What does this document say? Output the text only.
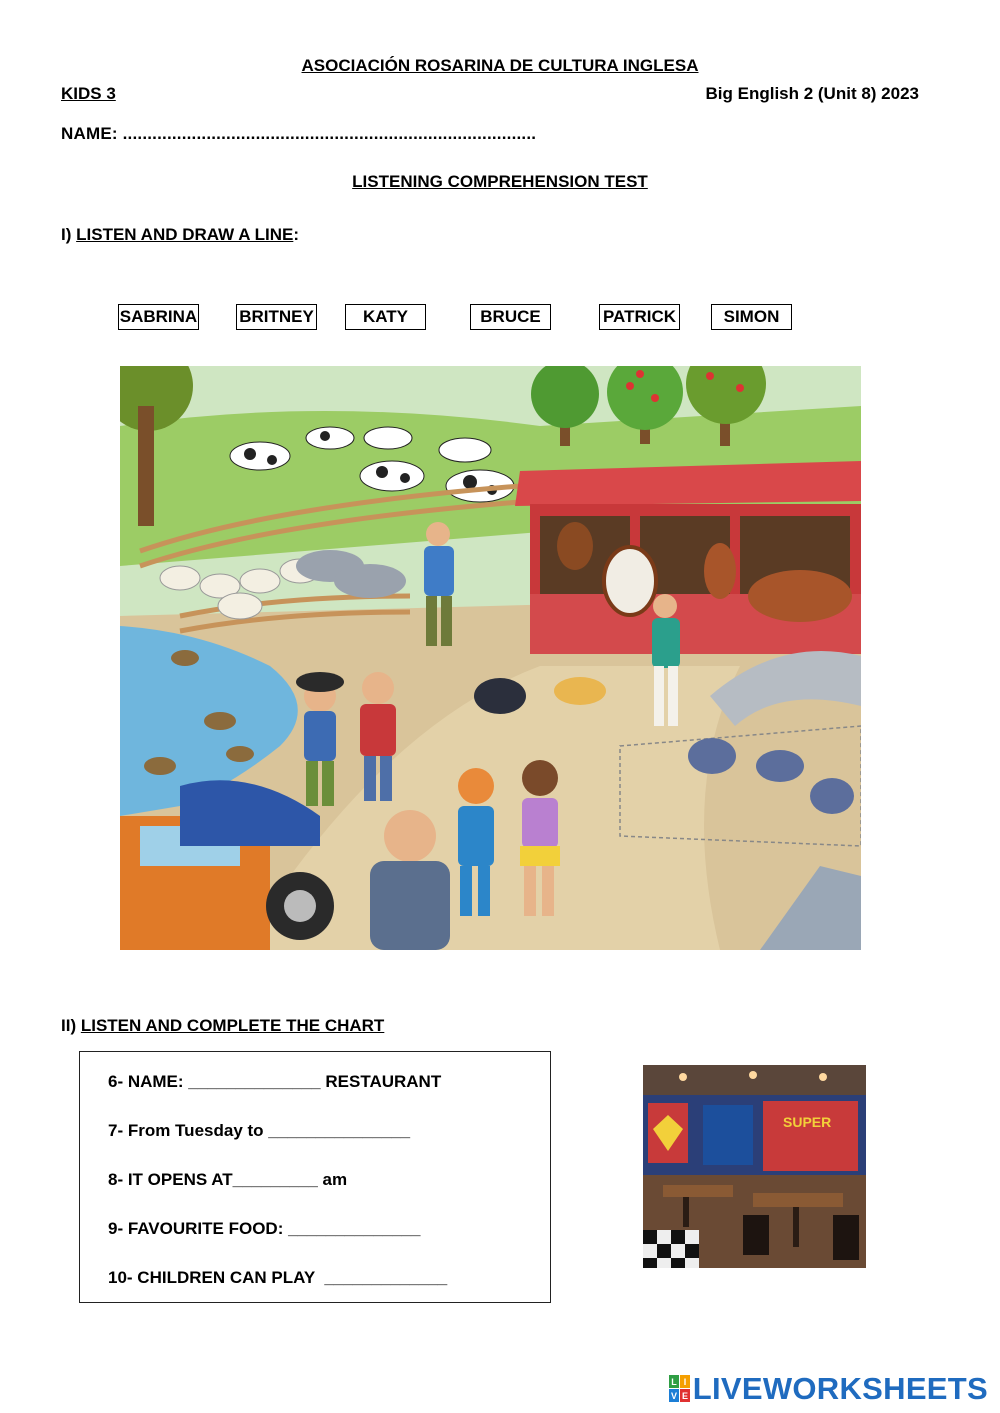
ASOCIACIÓN ROSARINA DE CULTURA INGLESA
KIDS 3	Big English 2 (Unit 8) 2023
NAME: ....................................................................................
LISTENING COMPREHENSION TEST
I) LISTEN AND DRAW A LINE:
SABRINA BRITNEY	KATY	BRUCE	PATRICK	SIMON
II) LISTEN AND COMPLETE THE CHART
6- NAME: ______________ RESTAURANT
7- From Tuesday to _______________
8- IT OPENS AT_________ am
9- FAVOURITE FOOD: ______________
10- CHILDREN CAN PLAY  _____________
SUPER
L I
V E LIVEWORKSHEETS
